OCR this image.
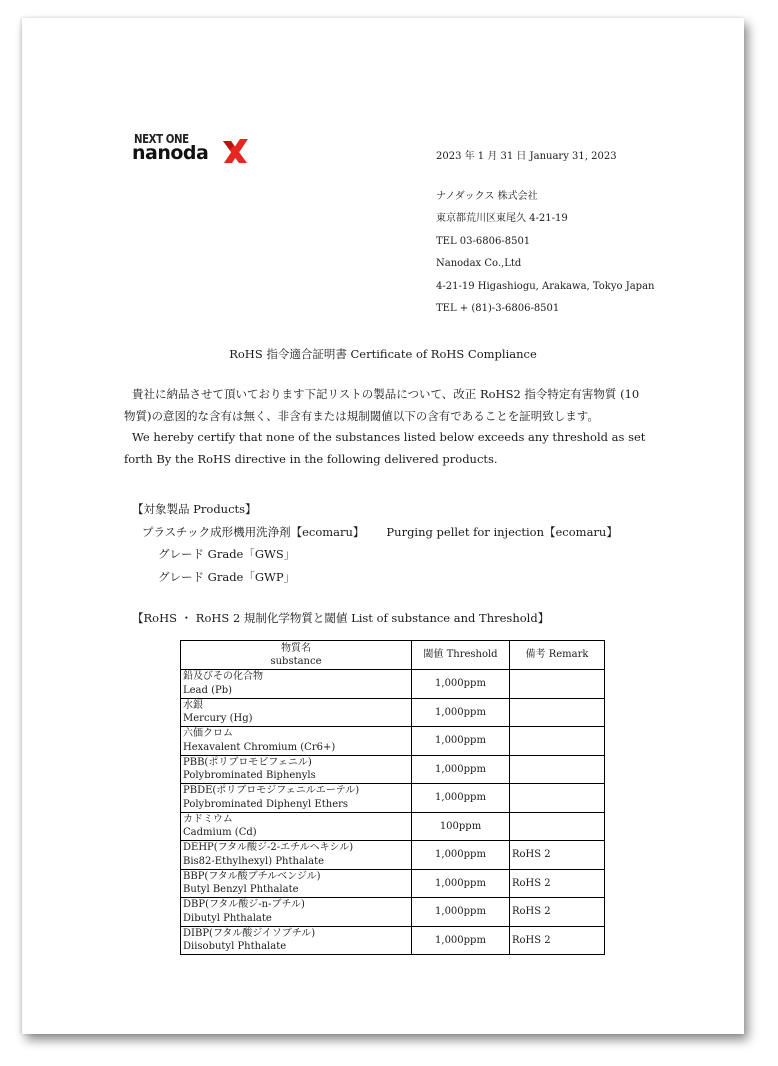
NEXT ONE
nanoda	2023 年 1 月 31 日 January 31, 2023
ナノダックス 株式会社
東京都荒川区東尾久 4-21-19
TEL 03-6806-8501
Nanodax Co.,Ltd
4-21-19 Higashiogu, Arakawa, Tokyo Japan
TEL + (81)-3-6806-8501
RoHS 指令適合証明書 Certificate of RoHS Compliance
貴社に納品させて頂いております下記リストの製品について、改正 RoHS2 指令特定有害物質 (10 物質)の意図的な含有は無く、非含有または規制閾値以下の含有であることを証明致します。
We hereby certify that none of the substances listed below exceeds any threshold as set forth By the RoHS directive in the following delivered products.
【対象製品 Products】
プラスチック成形機用洗浄剤【ecomaru】 Purging pellet for injection【ecomaru】
グレード Grade「GWS」
グレード Grade「GWP」
【RoHS ・ RoHS 2 規制化学物質と閾値 List of substance and Threshold】
物質名
substance	閾値 Threshold	備考 Remark

鉛及びその化合物
Lead (Pb)	1,000ppm	

水銀
Mercury (Hg)	1,000ppm	

六価クロム
Hexavalent Chromium (Cr6+)	1,000ppm	

PBB(ポリブロモビフェニル)
Polybrominated Biphenyls	1,000ppm	

PBDE(ポリブロモジフェニルエーテル)
Polybrominated Diphenyl Ethers	1,000ppm	

カドミウム
Cadmium (Cd)	100ppm	

DEHP(フタル酸ジ-2-エチルヘキシル)
Bis82-Ethylhexyl) Phthalate	1,000ppm	RoHS 2

BBP(フタル酸ブチルベンジル)
Butyl Benzyl Phthalate	1,000ppm	RoHS 2

DBP(フタル酸ジ-n-ブチル)
Dibutyl Phthalate	1,000ppm	RoHS 2

DIBP(フタル酸ジイソブチル)
Diisobutyl Phthalate	1,000ppm	RoHS 2
